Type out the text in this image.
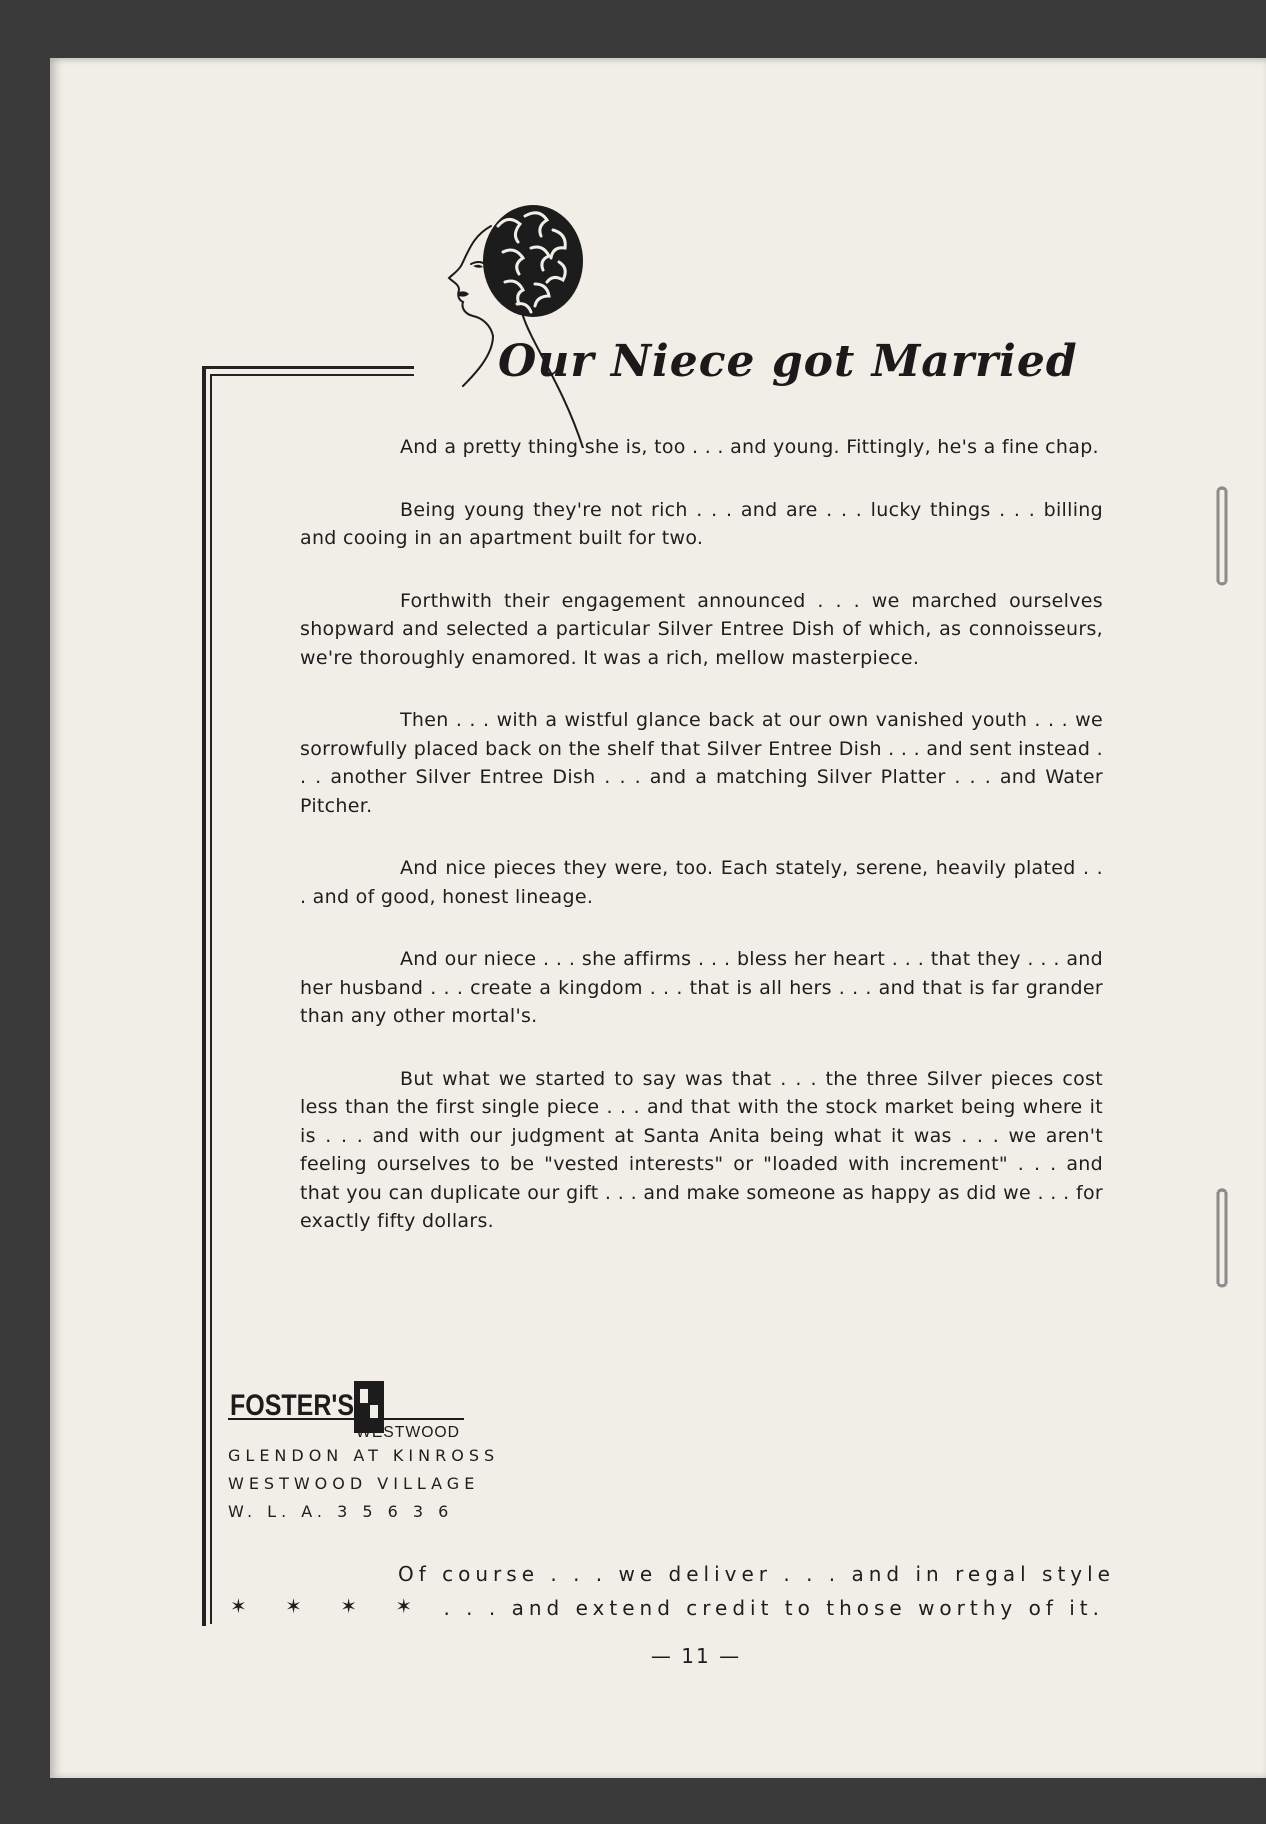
Our Niece got Married

And a pretty thing she is, too . . . and young. Fittingly, he's a fine chap.

Being young they're not rich . . . and are . . . lucky things . . . billing and cooing in an apartment built for two.

Forthwith their engagement announced . . . we marched ourselves shopward and selected a particular Silver Entree Dish of which, as connoisseurs, we're thoroughly enamored. It was a rich, mellow masterpiece.

Then . . . with a wistful glance back at our own vanished youth . . . we sorrowfully placed back on the shelf that Silver Entree Dish . . . and sent instead . . . another Silver Entree Dish . . . and a matching Silver Platter . . . and Water Pitcher.

And nice pieces they were, too. Each stately, serene, heavily plated . . . and of good, honest lineage.

And our niece . . . she affirms . . . bless her heart . . . that they . . . and her husband . . . create a kingdom . . . that is all hers . . . and that is far grander than any other mortal's.

But what we started to say was that . . . the three Silver pieces cost less than the first single piece . . . and that with the stock market being where it is . . . and with our judgment at Santa Anita being what it was . . . we aren't feeling ourselves to be "vested interests" or "loaded with increment" . . . and that you can duplicate our gift . . . and make someone as happy as did we . . . for exactly fifty dollars.

FOSTER'S
WESTWOOD
GLENDON AT KINROSS
WESTWOOD VILLAGE
W. L. A. 3 5 6 3 6

Of course . . . we deliver . . . and in regal style

✶ ✶ ✶ ✶ . . . and extend credit to those worthy of it.

— 11 —
